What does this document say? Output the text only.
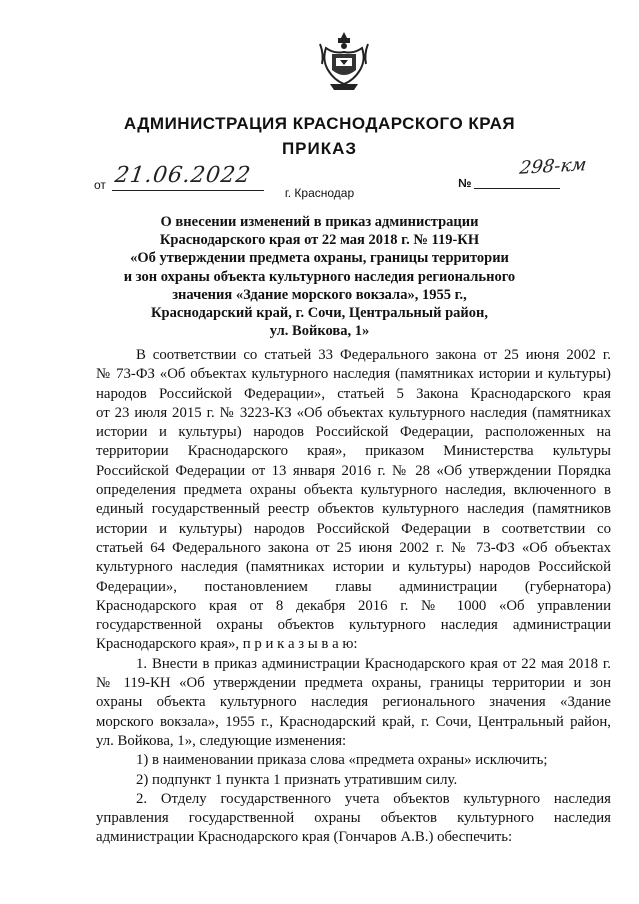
АДМИНИСТРАЦИЯ КРАСНОДАРСКОГО КРАЯ
ПРИКАЗ
от 21.06.2022	№
298-км
г. Краснодар
О внесении изменений в приказ администрации
Краснодарского края от 22 мая 2018 г. № 119-КН
«Об утверждении предмета охраны, границы территории
и зон охраны объекта культурного наследия регионального
значения «Здание морского вокзала», 1955 г.,
Краснодарский край, г. Сочи, Центральный район,
ул. Войкова, 1»
В соответствии со статьей 33 Федерального закона от 25 июня 2002 г.
№ 73-ФЗ «Об объектах культурного наследия (памятниках истории и культуры)
народов Российской Федерации», статьей 5 Закона Краснодарского края
от 23 июля 2015 г. № 3223-КЗ «Об объектах культурного наследия (памятниках
истории и культуры) народов Российской Федерации, расположенных на
территории Краснодарского края», приказом Министерства культуры
Российской Федерации от 13 января 2016 г. № 28 «Об утверждении Порядка
определения предмета охраны объекта культурного наследия, включенного в
единый государственный реестр объектов культурного наследия (памятников
истории и культуры) народов Российской Федерации в соответствии со
статьей 64 Федерального закона от 25 июня 2002 г. № 73-ФЗ «Об объектах
культурного наследия (памятниках истории и культуры) народов Российской
Федерации», постановлением главы администрации (губернатора)
Краснодарского края от 8 декабря 2016 г. № 1000 «Об управлении
государственной охраны объектов культурного наследия администрации
Краснодарского края», п р и к а з ы в а ю:
1. Внести в приказ администрации Краснодарского края от 22 мая 2018 г.
№ 119-КН «Об утверждении предмета охраны, границы территории и зон
охраны объекта культурного наследия регионального значения «Здание
морского вокзала», 1955 г., Краснодарский край, г. Сочи, Центральный район,
ул. Войкова, 1», следующие изменения:
1) в наименовании приказа слова «предмета охраны» исключить;
2) подпункт 1 пункта 1 признать утратившим силу.
2. Отделу государственного учета объектов культурного наследия
управления государственной охраны объектов культурного наследия
администрации Краснодарского края (Гончаров А.В.) обеспечить:
